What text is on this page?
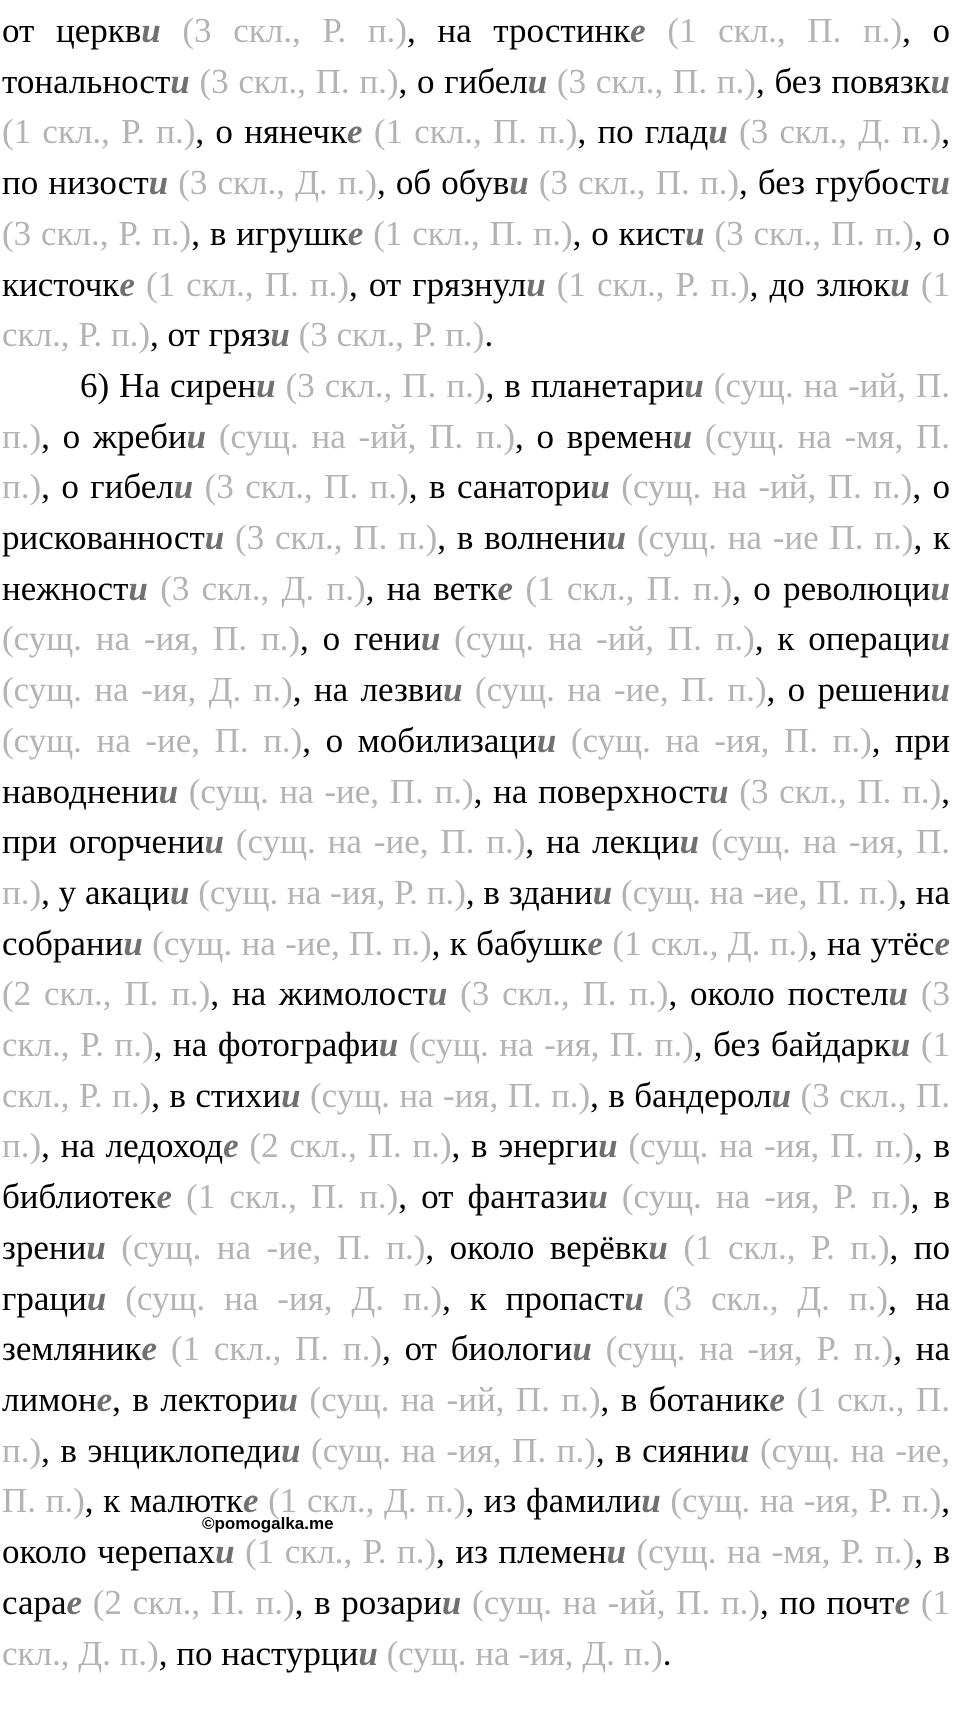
от церкви (3 скл., Р. п.), на тростинке (1 скл., П. п.), о тональности (3 скл., П. п.), о гибели (3 скл., П. п.), без повязки (1 скл., Р. п.), о нянечке (1 скл., П. п.), по глади (3 скл., Д. п.), по низости (3 скл., Д. п.), об обуви (3 скл., П. п.), без грубости (3 скл., Р. п.), в игрушке (1 скл., П. п.), о кисти (3 скл., П. п.), о кисточке (1 скл., П. п.), от грязнули (1 скл., Р. п.), до злюки (1 скл., Р. п.), от грязи (3 скл., Р. п.).

6) На сирени (3 скл., П. п.), в планетарии (сущ. на -ий, П. п.), о жребии (сущ. на -ий, П. п.), о времени (сущ. на -мя, П. п.), о гибели (3 скл., П. п.), в санатории (сущ. на -ий, П. п.), о рискованности (3 скл., П. п.), в волнении (сущ. на -ие П. п.), к нежности (3 скл., Д. п.), на ветке (1 скл., П. п.), о революции (сущ. на -ия, П. п.), о гении (сущ. на -ий, П. п.), к операции (сущ. на -ия, Д. п.), на лезвии (сущ. на -ие, П. п.), о решении (сущ. на -ие, П. п.), о мобилизации (сущ. на -ия, П. п.), при наводнении (сущ. на -ие, П. п.), на поверхности (3 скл., П. п.), при огорчении (сущ. на -ие, П. п.), на лекции (сущ. на -ия, П. п.), у акации (сущ. на -ия, Р. п.), в здании (сущ. на -ие, П. п.), на собрании (сущ. на -ие, П. п.), к бабушке (1 скл., Д. п.), на утёсе (2 скл., П. п.), на жимолости (3 скл., П. п.), около постели (3 скл., Р. п.), на фотографии (сущ. на -ия, П. п.), без байдарки (1 скл., Р. п.), в стихии (сущ. на -ия, П. п.), в бандероли (3 скл., П. п.), на ледоходе (2 скл., П. п.), в энергии (сущ. на -ия, П. п.), в библиотеке (1 скл., П. п.), от фантазии (сущ. на -ия, Р. п.), в зрении (сущ. на -ие, П. п.), около верёвки (1 скл., Р. п.), по грации (сущ. на -ия, Д. п.), к пропасти (3 скл., Д. п.), на землянике (1 скл., П. п.), от биологии (сущ. на -ия, Р. п.), на лимоне, в лектории (сущ. на -ий, П. п.), в ботанике (1 скл., П. п.), в энциклопедии (сущ. на -ия, П. п.), в сиянии (сущ. на -ие, П. п.), к малютке (1 скл., Д. п.), из фамилии (сущ. на -ия, Р. п.), около черепахи (1 скл., Р. п.), из племени (сущ. на -мя, Р. п.), в сарае (2 скл., П. п.), в розарии (сущ. на -ий, П. п.), по почте (1 скл., Д. п.), по настурции (сущ. на -ия, Д. п.).

©pomogalka.me
